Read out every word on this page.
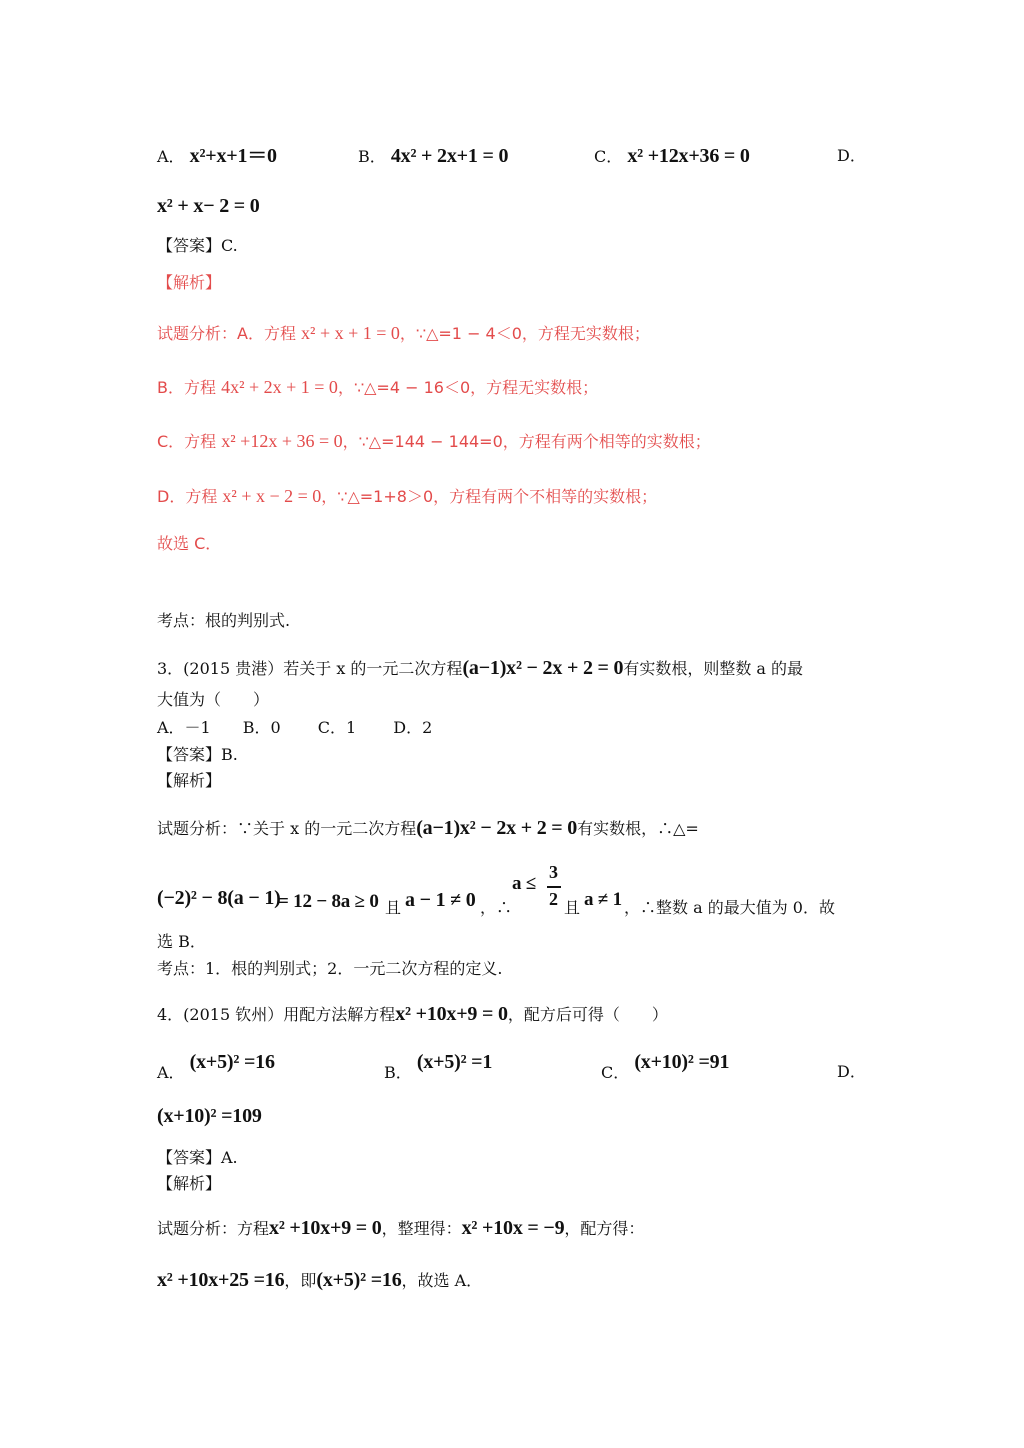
A． x²+x+1＝0	B． 4x² + 2x+1 = 0	C． x² +12x+36 = 0	D．
x² + x− 2 = 0
【答案】C.
【解析】
试题分析：A．方程 x² + x + 1 = 0，∵△=1 − 4＜0，方程无实数根；
B．方程 4x² + 2x + 1 = 0，∵△=4 − 16＜0，方程无实数根；
C．方程 x² +12x + 36 = 0，∵△=144 − 144=0，方程有两个相等的实数根；
D．方程 x² + x − 2 = 0，∵△=1+8＞0，方程有两个不相等的实数根；
故选 C．
考点：根的判别式.
3．(2015 贵港）若关于 x 的一元二次方程(a−1)x² − 2x + 2 = 0有实数根，则整数 a 的最
大值为（　　）
A．－1　　B．0　　 C．1　　 D．2
【答案】B.
【解析】
试题分析：∵关于 x 的一元二次方程(a−1)x² − 2x + 2 = 0有实数根，∴△=
(−2)² − 8(a − 1)
= 12 − 8a ≥ 0 且 a − 1 ≠ 0 ，∴
a ≤
3
2 且 a ≠ 1 ，∴整数 a 的最大值为 0．故
选 B．
考点：1．根的判别式；2．一元二次方程的定义.
4．(2015 钦州）用配方法解方程x² +10x+9 = 0，配方后可得（　　）
A． (x+5)² =16	B． (x+5)² =1	C． (x+10)² =91	D．
(x+10)² =109
【答案】A.
【解析】
试题分析：方程x² +10x+9 = 0，整理得：x² +10x = −9，配方得：
x² +10x+25 =16，即(x+5)² =16，故选 A．
